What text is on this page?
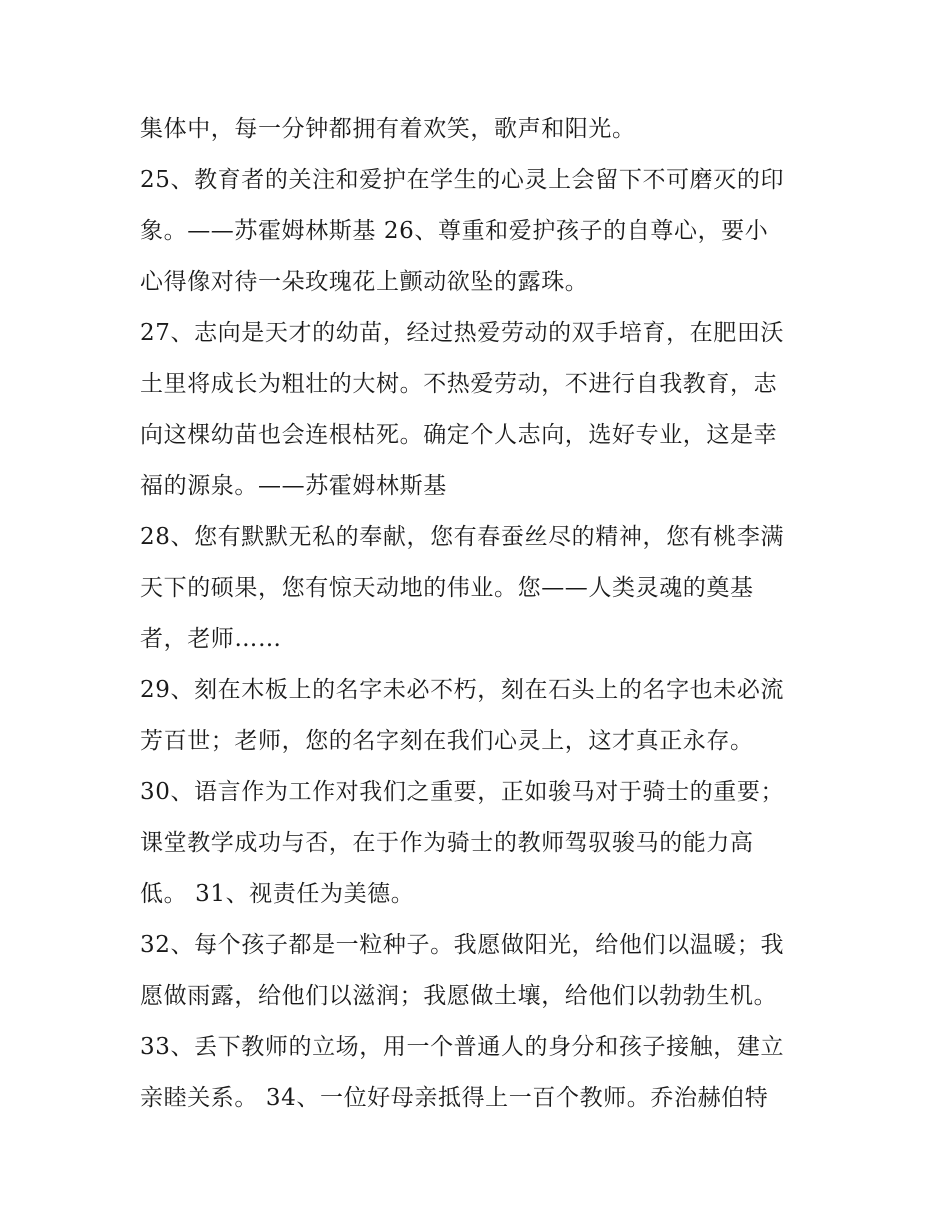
集体中，每一分钟都拥有着欢笑，歌声和阳光。
25、教育者的关注和爱护在学生的心灵上会留下不可磨灭的印
象。——苏霍姆林斯基 26、尊重和爱护孩子的自尊心，要小
心得像对待一朵玫瑰花上颤动欲坠的露珠。
27、志向是天才的幼苗，经过热爱劳动的双手培育，在肥田沃
土里将成长为粗壮的大树。不热爱劳动，不进行自我教育，志
向这棵幼苗也会连根枯死。确定个人志向，选好专业，这是幸
福的源泉。——苏霍姆林斯基
28、您有默默无私的奉献，您有春蚕丝尽的精神，您有桃李满
天下的硕果，您有惊天动地的伟业。您——人类灵魂的奠基
者，老师……
29、刻在木板上的名字未必不朽，刻在石头上的名字也未必流
芳百世；老师，您的名字刻在我们心灵上，这才真正永存。
30、语言作为工作对我们之重要，正如骏马对于骑士的重要；
课堂教学成功与否，在于作为骑士的教师驾驭骏马的能力高
低。 31、视责任为美德。
32、每个孩子都是一粒种子。我愿做阳光，给他们以温暖；我
愿做雨露，给他们以滋润；我愿做土壤，给他们以勃勃生机。
33、丢下教师的立场，用一个普通人的身分和孩子接触，建立
亲睦关系。 34、一位好母亲抵得上一百个教师。乔治赫伯特
